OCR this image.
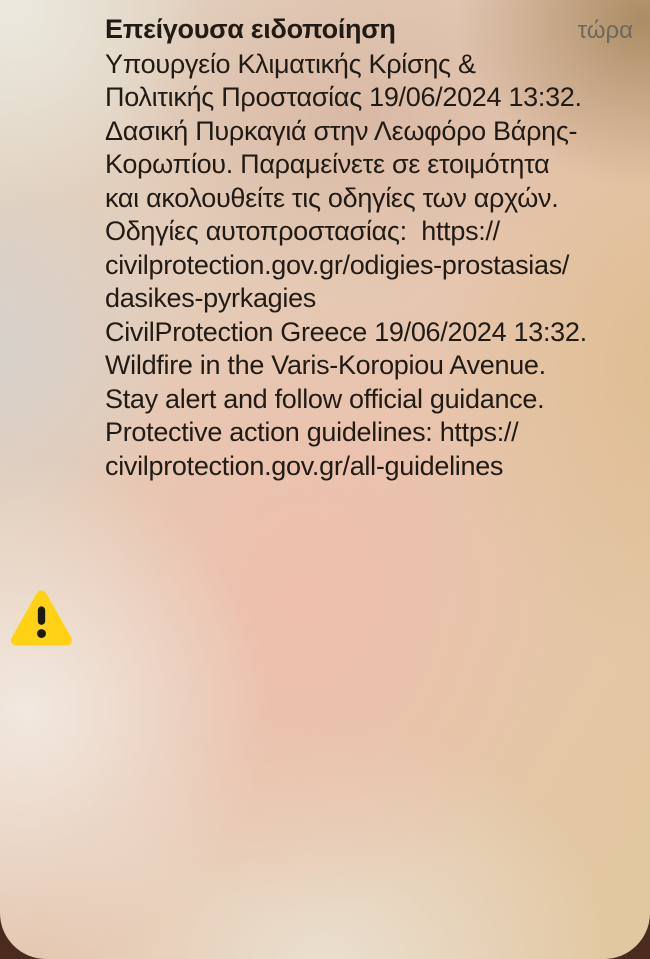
Επείγουσα ειδοποίηση	τώρα
Υπουργείο Κλιματικής Κρίσης &
Πολιτικής Προστασίας 19/06/2024 13:32.
Δασική Πυρκαγιά στην Λεωφόρο Βάρης-
Κορωπίου. Παραμείνετε σε ετοιμότητα
και ακολουθείτε τις οδηγίες των αρχών.
Οδηγίες αυτοπροστασίας:  https://
civilprotection.gov.gr/odigies-prostasias/
dasikes-pyrkagies
CivilProtection Greece 19/06/2024 13:32.
Wildfire in the Varis-Koropiou Avenue.
Stay alert and follow official guidance.
Protective action guidelines: https://
civilprotection.gov.gr/all-guidelines
